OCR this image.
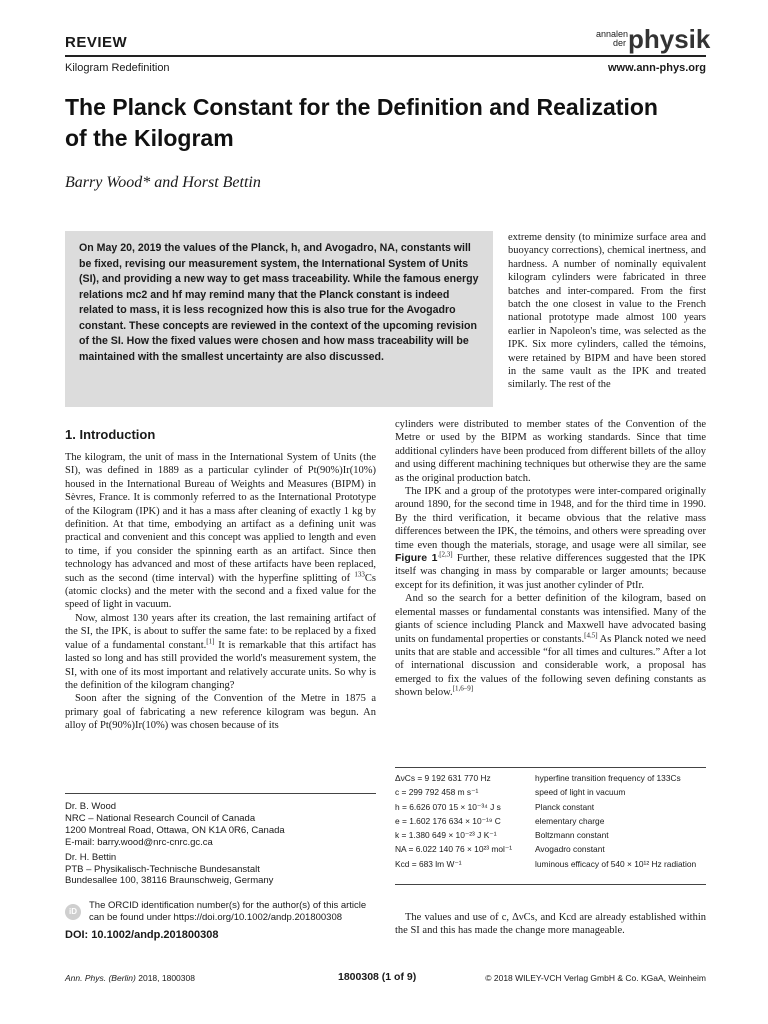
REVIEW
Kilogram Redefinition
annalen der physik
www.ann-phys.org
The Planck Constant for the Definition and Realization of the Kilogram
Barry Wood* and Horst Bettin
On May 20, 2019 the values of the Planck, h, and Avogadro, NA, constants will be fixed, revising our measurement system, the International System of Units (SI), and providing a new way to get mass traceability. While the famous energy relations mc2 and hf may remind many that the Planck constant is indeed related to mass, it is less recognized how this is also true for the Avogadro constant. These concepts are reviewed in the context of the upcoming revision of the SI. How the fixed values were chosen and how mass traceability will be maintained with the smallest uncertainty are also discussed.
1. Introduction

The kilogram, the unit of mass in the International System of Units (the SI), was defined in 1889 as a particular cylinder of Pt(90%)Ir(10%) housed in the International Bureau of Weights and Measures (BIPM) in Sèvres, France. It is commonly referred to as the International Prototype of the Kilogram (IPK) and it has a mass after cleaning of exactly 1 kg by definition. At that time, embodying an artifact as a defining unit was practical and convenient and this concept was applied to length and even to time, if you consider the spinning earth as an artifact. Since then technology has advanced and most of these artifacts have been replaced, such as the second (time interval) with the hyperfine splitting of $^{133}$Cs (atomic clocks) and the meter with the second and a fixed value for the speed of light in vacuum.

Now, almost 130 years after its creation, the last remaining artifact of the SI, the IPK, is about to suffer the same fate: to be replaced by a fixed value of a fundamental constant.[1] It is remarkable that this artifact has lasted so long and has still provided the world's measurement system, the SI, with one of its most important and relatively accurate units. So why is the definition of the kilogram changing?

Soon after the signing of the Convention of the Metre in 1875 a primary goal of fabricating a new reference kilogram was begun. An alloy of Pt(90%)Ir(10%) was chosen because of its

extreme density (to minimize surface area and buoyancy corrections), chemical inertness, and hardness. A number of nominally equivalent kilogram cylinders were fabricated in three batches and inter-compared. From the first batch the one closest in value to the French national prototype made almost 100 years earlier in Napoleon's time, was selected as the IPK. Six more cylinders, called the témoins, were retained by BIPM and have been stored in the same vault as the IPK and treated similarly. The rest of the

cylinders were distributed to member states of the Convention of the Metre or used by the BIPM as working standards. Since that time additional cylinders have been produced from different billets of the alloy and using different machining techniques but otherwise they are the same as the original production batch.

The IPK and a group of the prototypes were inter-compared originally around 1890, for the second time in 1948, and for the third time in 1990. By the third verification, it became obvious that the relative mass differences between the IPK, the témoins, and others were spreading over time even though the materials, storage, and usage were all similar, see Figure $1^{.[2,3]}$ Further, these relative differences suggested that the IPK itself was changing in mass by comparable or larger amounts; because except for its definition, it was just another cylinder of PtIr.

And so the search for a better definition of the kilogram, based on elemental masses or fundamental constants was intensified. Many of the giants of science including Planck and Maxwell have advocated basing units on fundamental properties or constants.[4,5] As Planck noted we need units that are stable and accessible “for all times and cultures.” After a lot of international discussion and considerable work, a proposal has emerged to fix the values of the following seven defining constants as shown below.[1,6–9]

ΔνCs = 9 192 631 770 Hz	hyperfine transition frequency of 133Cs
c = 299 792 458 m s⁻¹	speed of light in vacuum
h = 6.626 070 15 × 10⁻³⁴ J s	Planck constant
e = 1.602 176 634 × 10⁻¹⁹ C	elementary charge
k = 1.380 649 × 10⁻²³ J K⁻¹	Boltzmann constant
NA = 6.022 140 76 × 10²³ mol⁻¹	Avogadro constant
Kcd = 683 lm W⁻¹	luminous efficacy of 540 × 10¹² Hz radiation

The values and use of c, ΔνCs, and Kcd are already established within the SI and this has made the change more manageable.

Dr. B. Wood
NRC – National Research Council of Canada
1200 Montreal Road, Ottawa, ON K1A 0R6, Canada
E-mail: barry.wood@nrc-cnrc.gc.ca
Dr. H. Bettin
PTB – Physikalisch-Technische Bundesanstalt
Bundesallee 100, 38116 Braunschweig, Germany
iD
The ORCID identification number(s) for the author(s) of this article can be found under https://doi.org/10.1002/andp.201800308
DOI: 10.1002/andp.201800308
Ann. Phys. (Berlin) 2018, 1800308	1800308 (1 of 9)	© 2018 WILEY-VCH Verlag GmbH & Co. KGaA, Weinheim
